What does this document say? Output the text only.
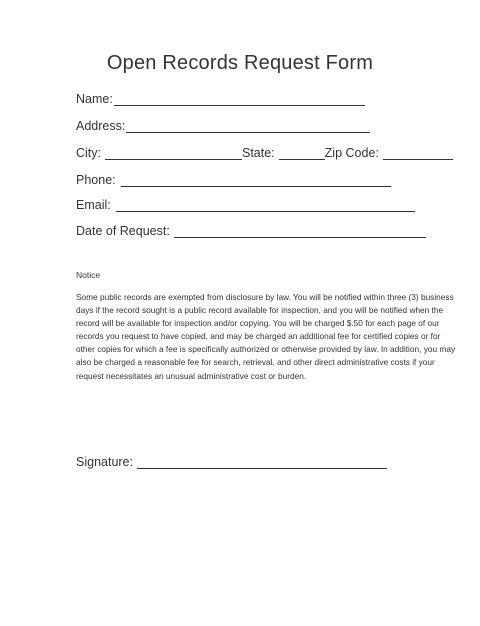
Open Records Request Form
Name:
Address:
City:	State:	Zip Code:
Phone:
Email:
Date of Request:
Notice
Some public records are exempted from disclosure by law. You will be notified within three (3) business days if the record sought is a public record available for inspection, and you will be notified when the record will be available for inspection and/or copying. You will be charged $.50 for each page of our records you request to have copied, and may be charged an additional fee for certified copies or for other copies for which a fee is specifically authorized or otherwise provided by law. In addition, you may also be charged a reasonable fee for search, retrieval, and other direct administrative costs if your request necessitates an unusual administrative cost or burden.
Signature:
